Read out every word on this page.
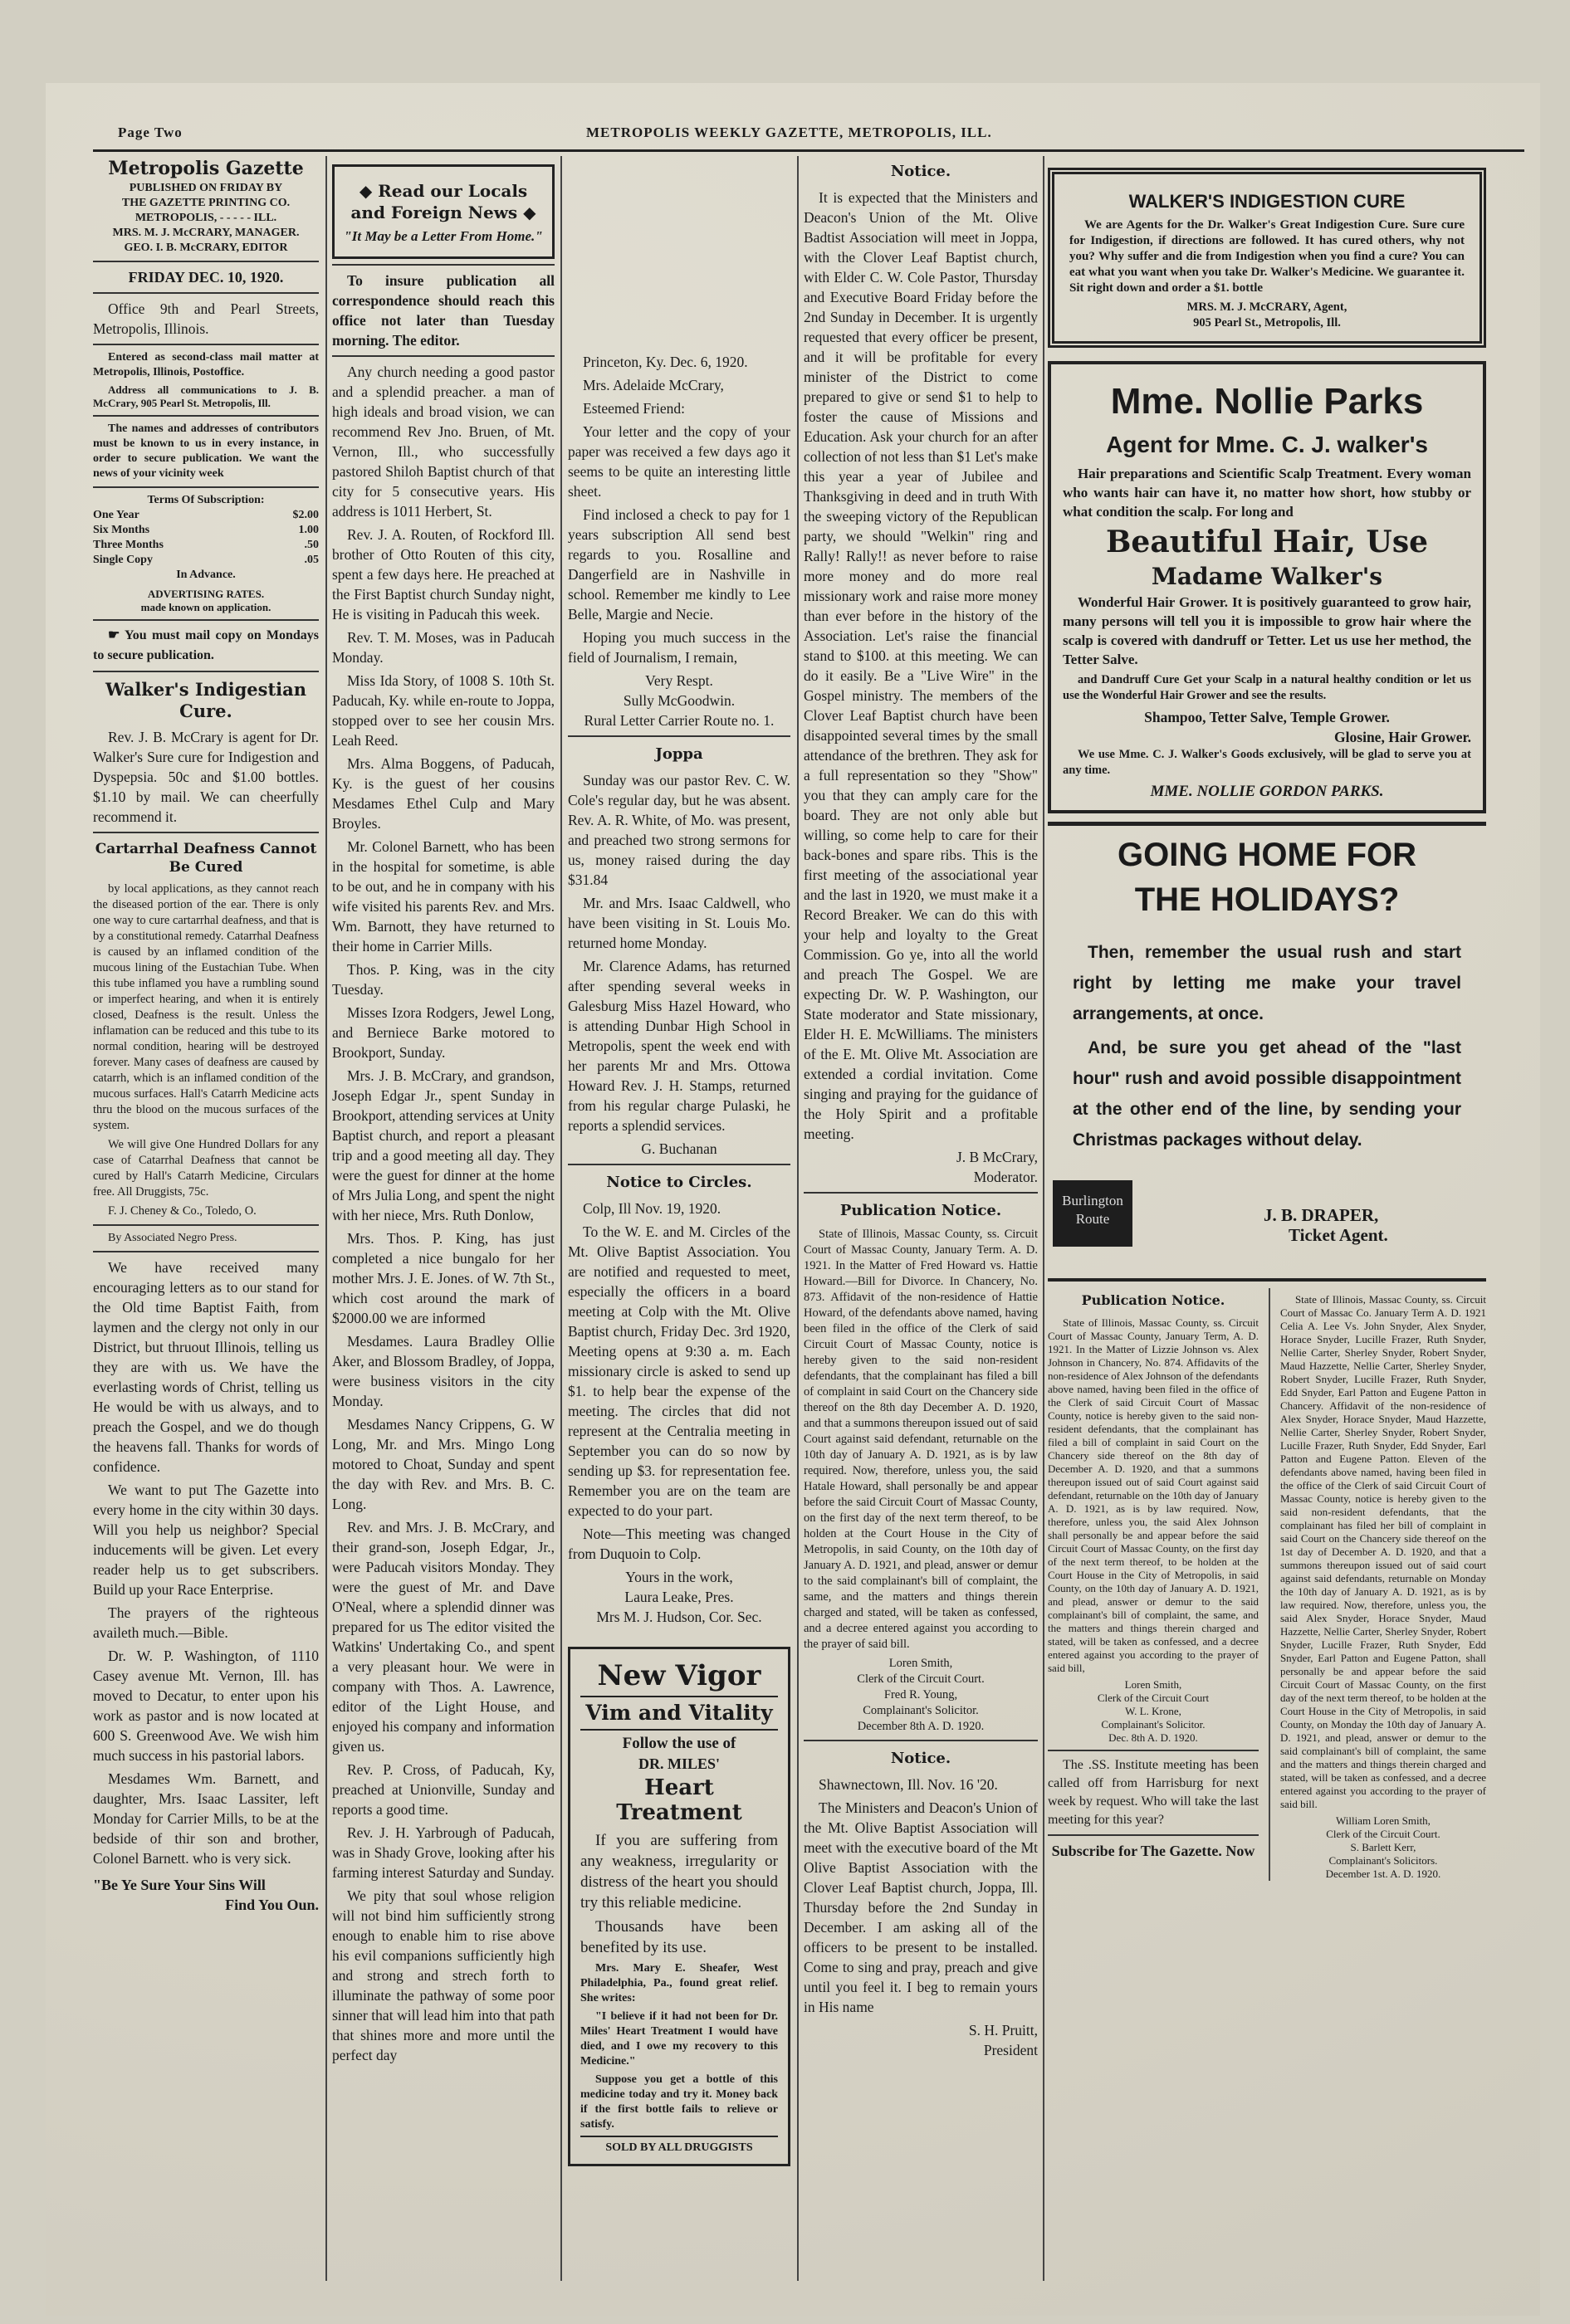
Page Two	METROPOLIS WEEKLY GAZETTE, METROPOLIS, ILL.
Metropolis Gazette
PUBLISHED ON FRIDAY BY
THE GAZETTE PRINTING CO.
METROPOLIS, - - - - - ILL.
MRS. M. J. McCRARY, MANAGER.
GEO. I. B. McCRARY, EDITOR
FRIDAY DEC. 10, 1920.

Office 9th and Pearl Streets, Metropolis, Illinois.

Entered as second-class mail matter at Metropolis, Illinois, Postoffice.

Address all communications to J. B. McCrary, 905 Pearl St. Metropolis, Ill.

The names and addresses of contributors must be known to us in every instance, in order to secure publication. We want the news of your vicinity week

Terms Of Subscription:
One Year	$2.00
Six Months	1.00
Three Months	.50
Single Copy	.05
In Advance.
ADVERTISING RATES.
made known on application.

☛ You must mail copy on Mondays to secure publication.

Walker's Indigestian Cure.

Rev. J. B. McCrary is agent for Dr. Walker's Sure cure for Indigestion and Dyspepsia. 50c and $1.00 bottles. $1.10 by mail. We can cheerfully recommend it.

Cartarrhal Deafness Cannot Be Cured

by local applications, as they cannot reach the diseased portion of the ear. There is only one way to cure cartarrhal deafness, and that is by a constitutional remedy. Catarrhal Deafness is caused by an inflamed condition of the mucous lining of the Eustachian Tube. When this tube inflamed you have a rumbling sound or imperfect hearing, and when it is entirely closed, Deafness is the result. Unless the inflamation can be reduced and this tube to its normal condition, hearing will be destroyed forever. Many cases of deafness are caused by catarrh, which is an inflamed condition of the mucous surfaces. Hall's Catarrh Medicine acts thru the blood on the mucous surfaces of the system.

We will give One Hundred Dollars for any case of Catarrhal Deafness that cannot be cured by Hall's Catarrh Medicine, Circulars free. All Druggists, 75c.

F. J. Cheney & Co., Toledo, O.

By Associated Negro Press.

We have received many encouraging letters as to our stand for the Old time Baptist Faith, from laymen and the clergy not only in our District, but thruout Illinois, telling us they are with us. We have the everlasting words of Christ, telling us He would be with us always, and to preach the Gospel, and we do though the heavens fall. Thanks for words of confidence.

We want to put The Gazette into every home in the city within 30 days. Will you help us neighbor? Special inducements will be given. Let every reader help us to get subscribers. Build up your Race Enterprise.

The prayers of the righteous availeth much.—Bible.

Dr. W. P. Washington, of 1110 Casey avenue Mt. Vernon, Ill. has moved to Decatur, to enter upon his work as pastor and is now located at 600 S. Greenwood Ave. We wish him much success in his pastorial labors.

Mesdames Wm. Barnett, and daughter, Mrs. Isaac Lassiter, left Monday for Carrier Mills, to be at the bedside of thir son and brother, Colonel Barnett. who is very sick.

"Be Ye Sure Your Sins Will
Find You Oun.
◆ Read our Locals and Foreign News ◆
"It May be a Letter From Home."

To insure publication all correspondence should reach this office not later than Tuesday morning. The editor.

Any church needing a good pastor and a splendid preacher. a man of high ideals and broad vision, we can recommend Rev Jno. Bruen, of Mt. Vernon, Ill., who successfully pastored Shiloh Baptist church of that city for 5 consecutive years. His address is 1011 Herbert, St.

Rev. J. A. Routen, of Rockford Ill. brother of Otto Routen of this city, spent a few days here. He preached at the First Baptist church Sunday night, He is visiting in Paducah this week.

Rev. T. M. Moses, was in Paducah Monday.

Miss Ida Story, of 1008 S. 10th St. Paducah, Ky. while en-route to Joppa, stopped over to see her cousin Mrs. Leah Reed.

Mrs. Alma Boggens, of Paducah, Ky. is the guest of her cousins Mesdames Ethel Culp and Mary Broyles.

Mr. Colonel Barnett, who has been in the hospital for sometime, is able to be out, and he in company with his wife visited his parents Rev. and Mrs. Wm. Barnott, they have returned to their home in Carrier Mills.

Thos. P. King, was in the city Tuesday.

Misses Izora Rodgers, Jewel Long, and Berniece Barke motored to Brookport, Sunday.

Mrs. J. B. McCrary, and grandson, Joseph Edgar Jr., spent Sunday in Brookport, attending services at Unity Baptist church, and report a pleasant trip and a good meeting all day. They were the guest for dinner at the home of Mrs Julia Long, and spent the night with her niece, Mrs. Ruth Donlow,

Mrs. Thos. P. King, has just completed a nice bungalo for her mother Mrs. J. E. Jones. of W. 7th St., which cost around the mark of $2000.00 we are informed

Mesdames. Laura Bradley Ollie Aker, and Blossom Bradley, of Joppa, were business visitors in the city Monday.

Mesdames Nancy Crippens, G. W Long, Mr. and Mrs. Mingo Long motored to Choat, Sunday and spent the day with Rev. and Mrs. B. C. Long.

Rev. and Mrs. J. B. McCrary, and their grand-son, Joseph Edgar, Jr., were Paducah visitors Monday. They were the guest of Mr. and Dave O'Neal, where a splendid dinner was prepared for us The editor visited the Watkins' Undertaking Co., and spent a very pleasant hour. We were in company with Thos. A. Lawrence, editor of the Light House, and enjoyed his company and information given us.

Rev. P. Cross, of Paducah, Ky, preached at Unionville, Sunday and reports a good time.

Rev. J. H. Yarbrough of Paducah, was in Shady Grove, looking after his farming interest Saturday and Sunday.

We pity that soul whose religion will not bind him sufficiently strong enough to enable him to rise above his evil companions sufficiently high and strong and strech forth to illuminate the pathway of some poor sinner that will lead him into that path that shines more and more until the perfect day

Princeton, Ky. Dec. 6, 1920.

Mrs. Adelaide McCrary,

Esteemed Friend:

Your letter and the copy of your paper was received a few days ago it seems to be quite an interesting little sheet.

Find inclosed a check to pay for 1 years subscription All send best regards to you. Rosalline and Dangerfield are in Nashville in school. Remember me kindly to Lee Belle, Margie and Necie.

Hoping you much success in the field of Journalism, I remain,

Very Respt.
Sully McGoodwin.
Rural Letter Carrier Route no. 1.
Joppa

Sunday was our pastor Rev. C. W. Cole's regular day, but he was absent. Rev. A. R. White, of Mo. was present, and preached two strong sermons for us, money raised during the day $31.84

Mr. and Mrs. Isaac Caldwell, who have been visiting in St. Louis Mo. returned home Monday.

Mr. Clarence Adams, has returned after spending several weeks in Galesburg Miss Hazel Howard, who is attending Dunbar High School in Metropolis, spent the week end with her parents Mr and Mrs. Ottowa Howard Rev. J. H. Stamps, returned from his regular charge Pulaski, he reports a splendid services.

G. Buchanan
Notice to Circles.

Colp, Ill Nov. 19, 1920.

To the W. E. and M. Circles of the Mt. Olive Baptist Association. You are notified and requested to meet, especially the officers in a board meeting at Colp with the Mt. Olive Baptist church, Friday Dec. 3rd 1920, Meeting opens at 9:30 a. m. Each missionary circle is asked to send up $1. to help bear the expense of the meeting. The circles that did not represent at the Centralia meeting in September you can do so now by sending up $3. for representation fee. Remember you are on the team are expected to do your part.

Note—This meeting was changed from Duquoin to Colp.

Yours in the work,
Laura Leake, Pres.
Mrs M. J. Hudson, Cor. Sec.
New Vigor
Vim and Vitality
Follow the use of
DR. MILES'
Heart Treatment

If you are suffering from any weakness, irregularity or distress of the heart you should try this reliable medicine.

Thousands have been benefited by its use.

Mrs. Mary E. Sheafer, West Philadelphia, Pa., found great relief. She writes:

"I believe if it had not been for Dr. Miles' Heart Treatment I would have died, and I owe my recovery to this Medicine."

Suppose you get a bottle of this medicine today and try it. Money back if the first bottle fails to relieve or satisfy.

SOLD BY ALL DRUGGISTS
Notice.

It is expected that the Ministers and Deacon's Union of the Mt. Olive Badtist Association will meet in Joppa, with the Clover Leaf Baptist church, with Elder C. W. Cole Pastor, Thursday and Executive Board Friday before the 2nd Sunday in December. It is urgently requested that every officer be present, and it will be profitable for every minister of the District to come prepared to give or send $1 to help to foster the cause of Missions and Education. Ask your church for an after collection of not less than $1 Let's make this year a year of Jubilee and Thanksgiving in deed and in truth With the sweeping victory of the Republican party, we should "Welkin" ring and Rally! Rally!! as never before to raise more money and do more real missionary work and raise more money than ever before in the history of the Association. Let's raise the financial stand to $100. at this meeting. We can do it easily. Be a "Live Wire" in the Gospel ministry. The members of the Clover Leaf Baptist church have been disappointed several times by the small attendance of the brethren. They ask for a full representation so they "Show" you that they can amply care for the board. They are not only able but willing, so come help to care for their back-bones and spare ribs. This is the first meeting of the associational year and the last in 1920, we must make it a Record Breaker. We can do this with your help and loyalty to the Great Commission. Go ye, into all the world and preach The Gospel. We are expecting Dr. W. P. Washington, our State moderator and State missionary, Elder H. E. McWilliams. The ministers of the E. Mt. Olive Mt. Association are extended a cordial invitation. Come singing and praying for the guidance of the Holy Spirit and a profitable meeting.

J. B McCrary,
Moderator.
Publication Notice.

State of Illinois, Massac County, ss. Circuit Court of Massac County, January Term. A. D. 1921. In the Matter of Fred Howard vs. Hattie Howard.—Bill for Divorce. In Chancery, No. 873. Affidavit of the non-residence of Hattie Howard, of the defendants above named, having been filed in the office of the Clerk of said Circuit Court of Massac County, notice is hereby given to the said non-resident defendants, that the complainant has filed a bill of complaint in said Court on the Chancery side thereof on the 8th day December A. D. 1920, and that a summons thereupon issued out of said Court against said defendant, returnable on the 10th day of January A. D. 1921, as is by law required. Now, therefore, unless you, the said Hatale Howard, shall personally be and appear before the said Circuit Court of Massac County, on the first day of the next term thereof, to be holden at the Court House in the City of Metropolis, in said County, on the 10th day of January A. D. 1921, and plead, answer or demur to the said complainant's bill of complaint, the same, and the matters and things therein charged and stated, will be taken as confessed, and a decree entered against you according to the prayer of said bill.

Loren Smith,
Clerk of the Circuit Court.
Fred R. Young,
Complainant's Solicitor.
December 8th A. D. 1920.
Notice.

Shawnectown, Ill. Nov. 16 '20.

The Ministers and Deacon's Union of the Mt. Olive Baptist Association will meet with the executive board of the Mt Olive Baptist Association with the Clover Leaf Baptist church, Joppa, Ill. Thursday before the 2nd Sunday in December. I am asking all of the officers to be present to be installed. Come to sing and pray, preach and give until you feel it. I beg to remain yours in His name

S. H. Pruitt,
President
WALKER'S INDIGESTION CURE

We are Agents for the Dr. Walker's Great Indigestion Cure. Sure cure for Indigestion, if directions are followed. It has cured others, why not you? Why suffer and die from Indigestion when you find a cure? You can eat what you want when you take Dr. Walker's Medicine. We guarantee it. Sit right down and order a $1. bottle

MRS. M. J. McCRARY, Agent,
905 Pearl St., Metropolis, Ill.
Mme. Nollie Parks
Agent for Mme. C. J. walker's

Hair preparations and Scientific Scalp Treatment. Every woman who wants hair can have it, no matter how short, how stubby or what condition the scalp. For long and

Beautiful Hair, Use
Madame Walker's

Wonderful Hair Grower. It is positively guaranteed to grow hair, many persons will tell you it is impossible to grow hair where the scalp is covered with dandruff or Tetter. Let us use her method, the Tetter Salve.

and Dandruff Cure Get your Scalp in a natural healthy condition or let us use the Wonderful Hair Grower and see the results.

Shampoo, Tetter Salve, Temple Grower.
Glosine, Hair Grower.

We use Mme. C. J. Walker's Goods exclusively, will be glad to serve you at any time.

MME. NOLLIE GORDON PARKS.
GOING HOME FOR
THE HOLIDAYS?

Then, remember the usual rush and start right by letting me make your travel arrangements, at once.

And, be sure you get ahead of the "last hour" rush and avoid possible disappointment at the other end of the line, by sending your Christmas packages without delay.

Burlington
Route	J. B. DRAPER,
Ticket Agent.
Publication Notice.

State of Illinois, Massac County, ss. Circuit Court of Massac County, January Term, A. D. 1921. In the Matter of Lizzie Johnson vs. Alex Johnson in Chancery, No. 874. Affidavits of the non-residence of Alex Johnson of the defendants above named, having been filed in the office of the Clerk of said Circuit Court of Massac County, notice is hereby given to the said non-resident defendants, that the complainant has filed a bill of complaint in said Court on the Chancery side thereof on the 8th day of December A. D. 1920, and that a summons thereupon issued out of said Court against said defendant, returnable on the 10th day of January A. D. 1921, as is by law required. Now, therefore, unless you, the said Alex Johnson shall personally be and appear before the said Circuit Court of Massac County, on the first day of the next term thereof, to be holden at the Court House in the City of Metropolis, in said County, on the 10th day of January A. D. 1921, and plead, answer or demur to the said complainant's bill of complaint, the same, and the matters and things therein charged and stated, will be taken as confessed, and a decree entered against you according to the prayer of said bill,

Loren Smith,
Clerk of the Circuit Court
W. L. Krone,
Complainant's Solicitor.
Dec. 8th A. D. 1920.

The .SS. Institute meeting has been called off from Harrisburg for next week by request. Who will take the last meeting for this year?

Subscribe for The Gazette. Now

State of Illinois, Massac County, ss. Circuit Court of Massac Co. January Term A. D. 1921 Celia A. Lee Vs. John Snyder, Alex Snyder, Horace Snyder, Lucille Frazer, Ruth Snyder, Nellie Carter, Sherley Snyder, Robert Snyder, Maud Hazzette, Nellie Carter, Sherley Snyder, Robert Snyder, Lucille Frazer, Ruth Snyder, Edd Snyder, Earl Patton and Eugene Patton in Chancery. Affidavit of the non-residence of Alex Snyder, Horace Snyder, Maud Hazzette, Nellie Carter, Sherley Snyder, Robert Snyder, Lucille Frazer, Ruth Snyder, Edd Snyder, Earl Patton and Eugene Patton. Eleven of the defendants above named, having been filed in the office of the Clerk of said Circuit Court of Massac County, notice is hereby given to the said non-resident defendants, that the complainant has filed her bill of complaint in said Court on the Chancery side thereof on the 1st day of December A. D. 1920, and that a summons thereupon issued out of said court against said defendants, returnable on Monday the 10th day of January A. D. 1921, as is by law required. Now, therefore, unless you, the said Alex Snyder, Horace Snyder, Maud Hazzette, Nellie Carter, Sherley Snyder, Robert Snyder, Lucille Frazer, Ruth Snyder, Edd Snyder, Earl Patton and Eugene Patton, shall personally be and appear before the said Circuit Court of Massac County, on the first day of the next term thereof, to be holden at the Court House in the City of Metropolis, in said County, on Monday the 10th day of January A. D. 1921, and plead, answer or demur to the said complainant's bill of complaint, the same and the matters and things therein charged and stated, will be taken as confessed, and a decree entered against you according to the prayer of said bill.

William Loren Smith,
Clerk of the Circuit Court.
S. Barlett Kerr,
Complainant's Solicitors.
December 1st. A. D. 1920.
